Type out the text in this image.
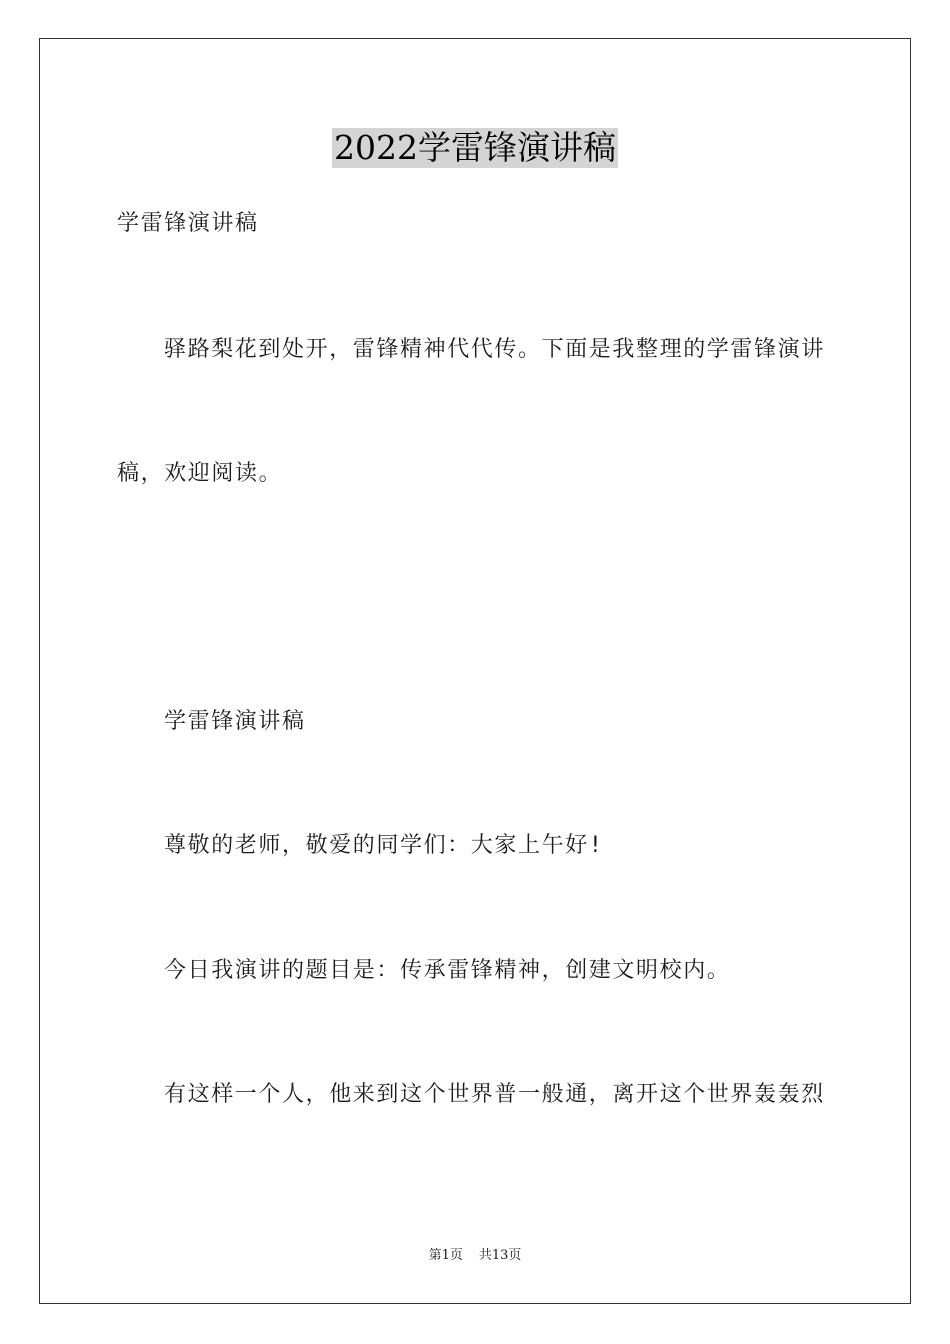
2022学雷锋演讲稿

学雷锋演讲稿

驿路梨花到处开，雷锋精神代代传。下面是我整理的学雷锋演讲

稿，欢迎阅读。

学雷锋演讲稿

尊敬的老师，敬爱的同学们：大家上午好!

今日我演讲的题目是：传承雷锋精神，创建文明校内。

有这样一个人，他来到这个世界普一般通，离开这个世界轰轰烈

第1页 共13页
